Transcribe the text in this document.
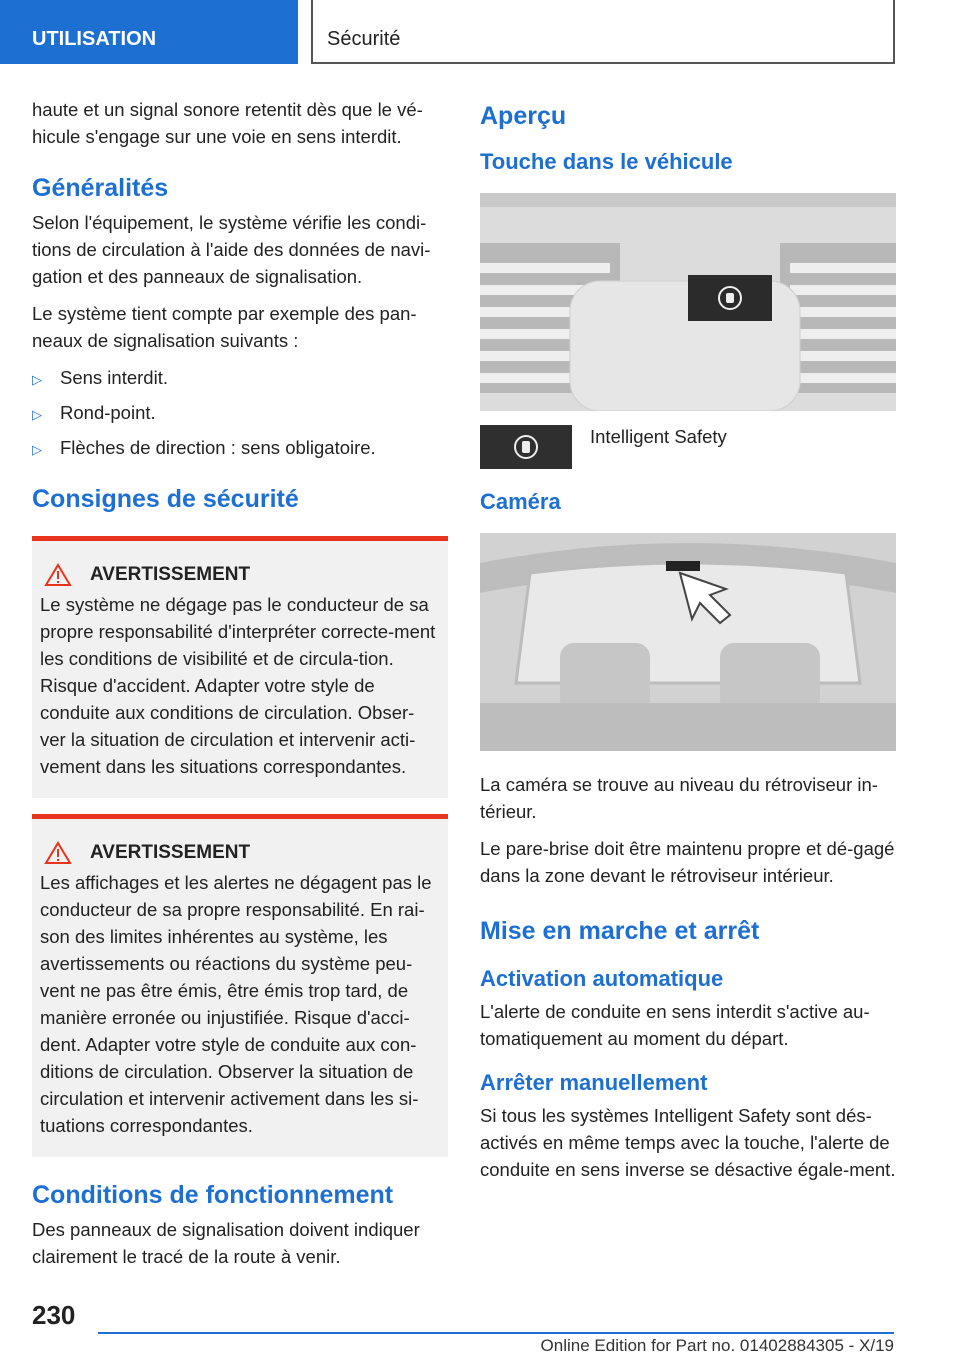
UTILISATION	Sécurité

haute et un signal sonore retentit dès que le vé-hicule s'engage sur une voie en sens interdit.

Généralités

Selon l'équipement, le système vérifie les condi-tions de circulation à l'aide des données de navi-gation et des panneaux de signalisation.

Le système tient compte par exemple des pan-neaux de signalisation suivants :

▷ Sens interdit.
▷ Rond-point.
▷ Flèches de direction : sens obligatoire.
Consignes de sécurité
AVERTISSEMENT

Le système ne dégage pas le conducteur de sa propre responsabilité d'interpréter correcte-ment les conditions de visibilité et de circula-tion. Risque d'accident. Adapter votre style de conduite aux conditions de circulation. Obser-ver la situation de circulation et intervenir acti-vement dans les situations correspondantes.

AVERTISSEMENT

Les affichages et les alertes ne dégagent pas le conducteur de sa propre responsabilité. En rai-son des limites inhérentes au système, les avertissements ou réactions du système peu-vent ne pas être émis, être émis trop tard, de manière erronée ou injustifiée. Risque d'acci-dent. Adapter votre style de conduite aux con-ditions de circulation. Observer la situation de circulation et intervenir activement dans les si-tuations correspondantes.

Conditions de fonctionnement

Des panneaux de signalisation doivent indiquer clairement le tracé de la route à venir.

Aperçu
Touche dans le véhicule

Intelligent Safety

Caméra

La caméra se trouve au niveau du rétroviseur in-térieur.

Le pare-brise doit être maintenu propre et dé-gagé dans la zone devant le rétroviseur intérieur.

Mise en marche et arrêt
Activation automatique

L'alerte de conduite en sens interdit s'active au-tomatiquement au moment du départ.

Arrêter manuellement

Si tous les systèmes Intelligent Safety sont dés-activés en même temps avec la touche, l'alerte de conduite en sens inverse se désactive égale-ment.

230
Online Edition for Part no. 01402884305 - X/19
